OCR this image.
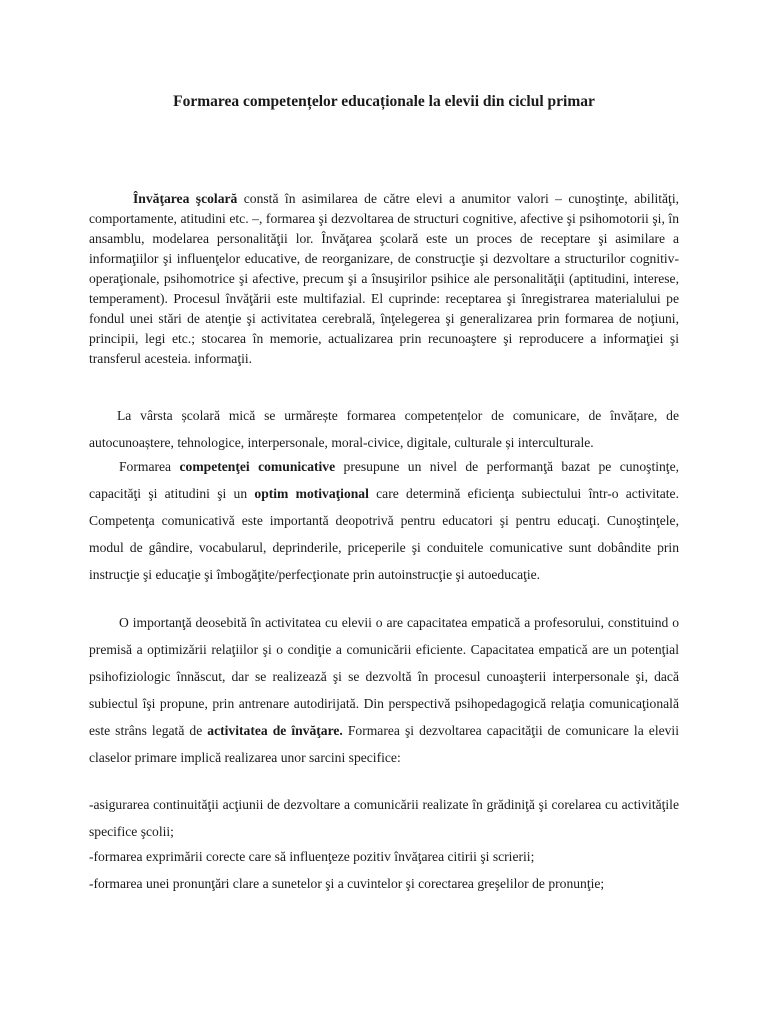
Formarea competențelor educaționale la elevii din ciclul primar
Învăţarea şcolară constă în asimilarea de către elevi a anumitor valori – cunoştinţe, abilităţi, comportamente, atitudini etc. –, formarea şi dezvoltarea de structuri cognitive, afective şi psihomotorii şi, în ansamblu, modelarea personalităţii lor. Învăţarea şcolară este un proces de receptare şi asimilare a informaţiilor şi influenţelor educative, de reorganizare, de construcţie şi dezvoltare a structurilor cognitiv-operaţionale, psihomotrice şi afective, precum şi a însuşirilor psihice ale personalităţii (aptitudini, interese, temperament). Procesul învăţării este multifazial. El cuprinde: receptarea şi înregistrarea materialului pe fondul unei stări de atenţie şi activitatea cerebrală, înţelegerea şi generalizarea prin formarea de noţiuni, principii, legi etc.; stocarea în memorie, actualizarea prin recunoaştere şi reproducere a informaţiei şi transferul acesteia. informaţii.
La vârsta școlară mică se urmărește formarea competențelor de comunicare, de învățare, de autocunoaștere, tehnologice, interpersonale, moral-civice, digitale, culturale și interculturale.
Formarea competenţei comunicative presupune un nivel de performanţă bazat pe cunoştinţe, capacităţi şi atitudini şi un optim motivaţional care determină eficienţa subiectului într-o activitate. Competenţa comunicativă este importantă deopotrivă pentru educatori şi pentru educaţi. Cunoştinţele, modul de gândire, vocabularul, deprinderile, priceperile şi conduitele comunicative sunt dobândite prin instrucţie şi educaţie şi îmbogăţite/perfecţionate prin autoinstrucţie şi autoeducaţie.
O importanţă deosebită în activitatea cu elevii o are capacitatea empatică a profesorului, constituind o premisă a optimizării relaţiilor şi o condiţie a comunicării eficiente. Capacitatea empatică are un potenţial psihofiziologic înnăscut, dar se realizează şi se dezvoltă în procesul cunoaşterii interpersonale şi, dacă subiectul îşi propune, prin antrenare autodirijată. Din perspectivă psihopedagogică relaţia comunicaţională este strâns legată de activitatea de învăţare. Formarea şi dezvoltarea capacităţii de comunicare la elevii claselor primare implică realizarea unor sarcini specifice:
-asigurarea continuităţii acţiunii de dezvoltare a comunicării realizate în grădiniţă şi corelarea cu activităţile specifice şcolii;
-formarea exprimării corecte care să influenţeze pozitiv învăţarea citirii şi scrierii;
-formarea unei pronunţări clare a sunetelor şi a cuvintelor şi corectarea greşelilor de pronunţie;
